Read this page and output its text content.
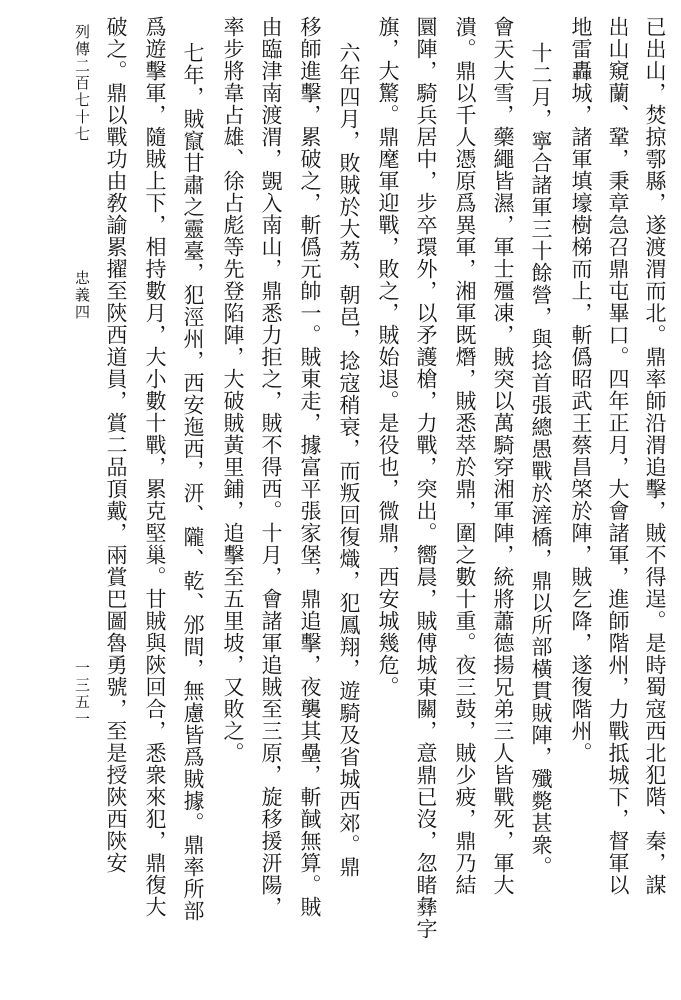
已出山，焚掠鄠縣，遂渡渭而北。鼎率師沿渭追擊，賊不得逞。是時蜀寇西北犯階、秦，謀
出山窺蘭、鞏，秉章急召鼎屯畢口。四年正月，大會諸軍，進師階州，力戰抵城下，督軍以
地雷轟城，諸軍填壕樹梯而上，斬僞昭武王蔡昌棨於陣，賊乞降，遂復階州。
十二月，寧合諸軍三十餘營，與捻首張總愚戰於滻橋，鼎以所部橫貫賊陣，殲斃甚衆。
會天大雪，藥繩皆濕，軍士殭凍，賊突以萬騎穿湘軍陣，統將蕭德揚兄弟三人皆戰死，軍大
潰。鼎以千人憑原爲異軍，湘軍既熸，賊悉萃於鼎，圍之數十重。夜三鼓，賊少疲，鼎乃結
圜陣，騎兵居中，步卒環外，以矛護槍，力戰，突出。嚮晨，賊傅城東關，意鼎已沒，忽睹彝字
旗，大驚。鼎麾軍迎戰，敗之，賊始退。是役也，微鼎，西安城幾危。
六年四月，敗賊於大荔、朝邑，捻寇稍衰，而叛回復熾，犯鳳翔，遊騎及省城西郊。鼎
移師進擊，累破之，斬僞元帥一。賊東走，據富平張家堡，鼎追擊，夜襲其壘，斬馘無算。賊
由臨津南渡渭，覬入南山，鼎悉力拒之，賊不得西。十月，會諸軍追賊至三原，旋移援汧陽，
率步將韋占雄、徐占彪等先登陷陣，大破賊黃里鋪，追擊至五里坡，又敗之。
七年，賊竄甘肅之靈臺，犯涇州，西安迤西，汧、隴、乾、邠間，無慮皆爲賊據。鼎率所部
爲遊擊軍，隨賊上下，相持數月，大小數十戰，累克堅巢。甘賊與陝回合，悉衆來犯，鼎復大
破之。鼎以戰功由敎諭累擢至陝西道員，賞二品頂戴，兩賞巴圖魯勇號，至是授陝西陝安
列傳二百七十七
忠義四
一三五一
